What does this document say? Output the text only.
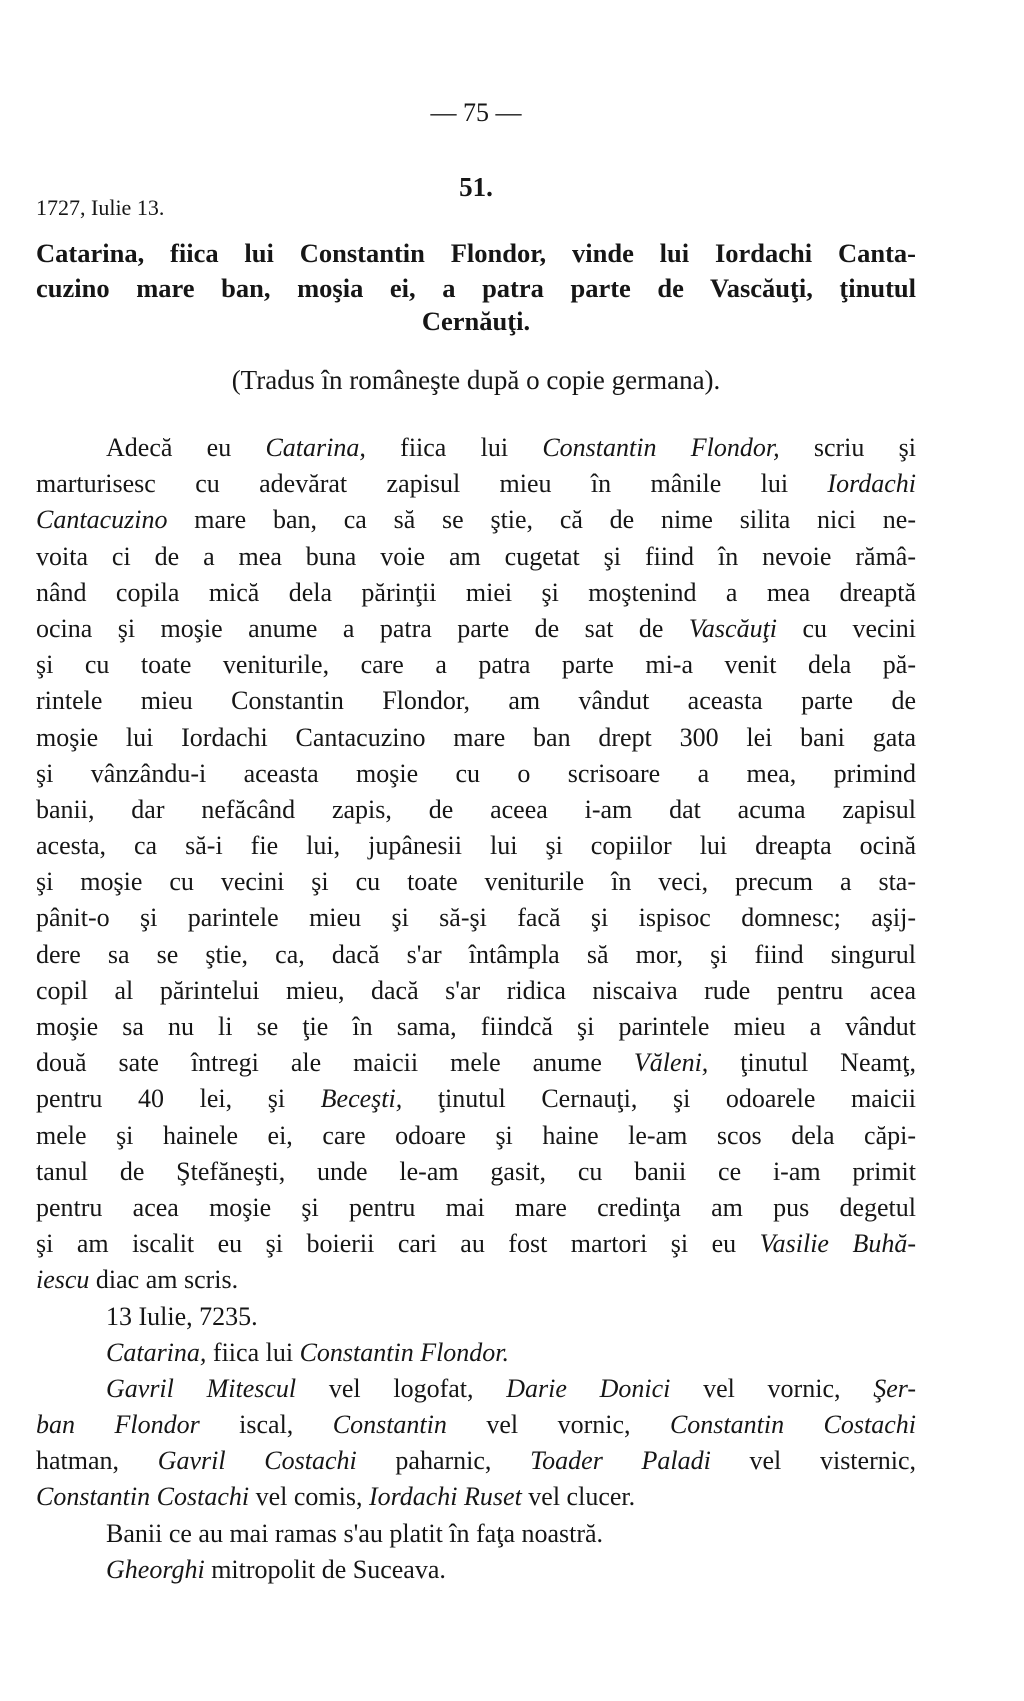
— 75 —
51.
1727, Iulie 13.
Catarina, fiica lui Constantin Flondor, vinde lui Iordachi Canta-
cuzino mare ban, moşia ei, a patra parte de Vascăuţi, ţinutul
Cernăuţi.
(Tradus în româneşte după o copie germana).
Adecă eu Catarina, fiica lui Constantin Flondor, scriu şi
marturisesc cu adevărat zapisul mieu în mânile lui Iordachi
Cantacuzino mare ban, ca să se ştie, că de nime silita nici ne-
voita ci de a mea buna voie am cugetat şi fiind în nevoie rămâ-
nând copila mică dela părinţii miei şi moştenind a mea dreaptă
ocina şi moşie anume a patra parte de sat de Vascăuţi cu vecini
şi cu toate veniturile, care a patra parte mi-a venit dela pă-
rintele mieu Constantin Flondor, am vândut aceasta parte de
moşie lui Iordachi Cantacuzino mare ban drept 300 lei bani gata
şi vânzându-i aceasta moşie cu o scrisoare a mea, primind
banii, dar nefăcând zapis, de aceea i-am dat acuma zapisul
acesta, ca să-i fie lui, jupânesii lui şi copiilor lui dreapta ocină
şi moşie cu vecini şi cu toate veniturile în veci, precum a sta-
pânit-o şi parintele mieu şi să-şi facă şi ispisoc domnesc; aşij-
dere sa se ştie, ca, dacă s'ar întâmpla să mor, şi fiind singurul
copil al părintelui mieu, dacă s'ar ridica niscaiva rude pentru acea
moşie sa nu li se ţie în sama, fiindcă şi parintele mieu a vândut
două sate întregi ale maicii mele anume Văleni, ţinutul Neamţ,
pentru 40 lei, şi Beceşti, ţinutul Cernauţi, şi odoarele maicii
mele şi hainele ei, care odoare şi haine le-am scos dela căpi-
tanul de Ştefăneşti, unde le-am gasit, cu banii ce i-am primit
pentru acea moşie şi pentru mai mare credinţa am pus degetul
şi am iscalit eu şi boierii cari au fost martori şi eu Vasilie Buhă-
iescu diac am scris.
13 Iulie, 7235.
Catarina, fiica lui Constantin Flondor.
Gavril Mitescul vel logofat, Darie Donici vel vornic, Şer-
ban Flondor iscal, Constantin vel vornic, Constantin Costachi
hatman, Gavril Costachi paharnic, Toader Paladi vel visternic,
Constantin Costachi vel comis, Iordachi Ruset vel clucer.
Banii ce au mai ramas s'au platit în faţa noastră.
Gheorghi mitropolit de Suceava.
